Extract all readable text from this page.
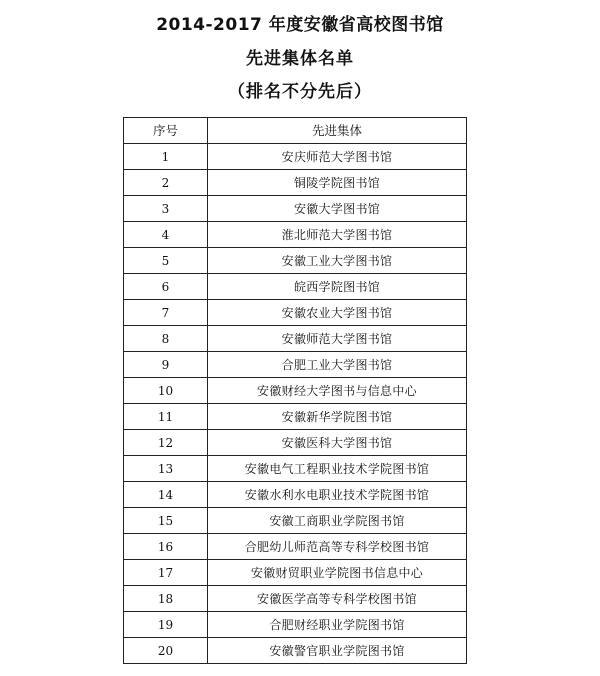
2014-2017 年度安徽省高校图书馆
先进集体名单
（排名不分先后）
序号	先进集体
1	安庆师范大学图书馆
2	铜陵学院图书馆
3	安徽大学图书馆
4	淮北师范大学图书馆
5	安徽工业大学图书馆
6	皖西学院图书馆
7	安徽农业大学图书馆
8	安徽师范大学图书馆
9	合肥工业大学图书馆
10	安徽财经大学图书与信息中心
11	安徽新华学院图书馆
12	安徽医科大学图书馆
13	安徽电气工程职业技术学院图书馆
14	安徽水利水电职业技术学院图书馆
15	安徽工商职业学院图书馆
16	合肥幼儿师范高等专科学校图书馆
17	安徽财贸职业学院图书信息中心
18	安徽医学高等专科学校图书馆
19	合肥财经职业学院图书馆
20	安徽警官职业学院图书馆
